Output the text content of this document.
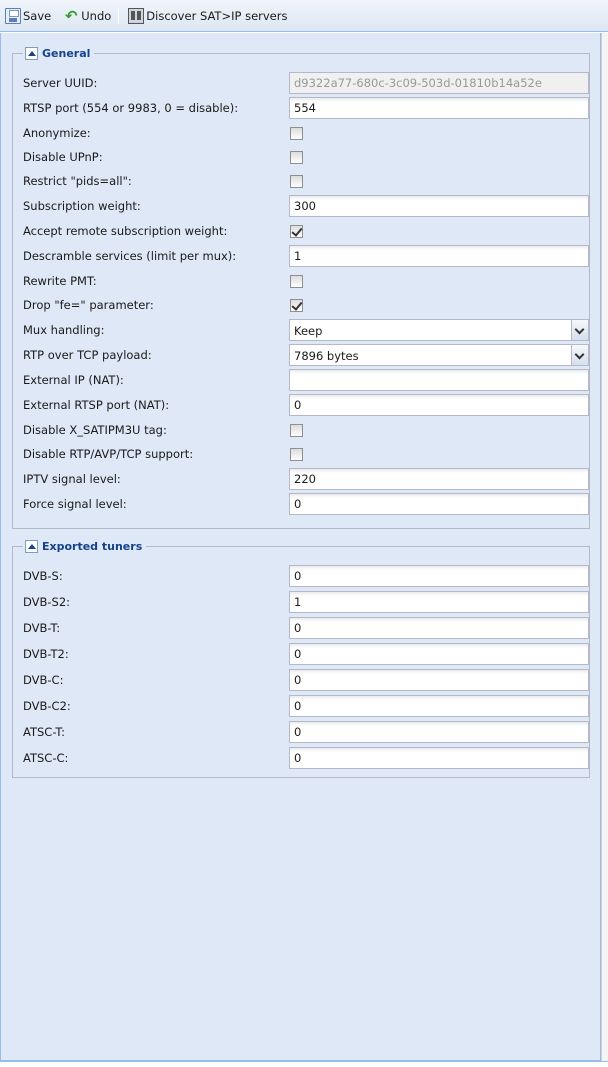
Save ↶ Undo	Discover SAT>IP servers
General
Server UUID:
d9322a77-680c-3c09-503d-01810b14a52e
RTSP port (554 or 9983, 0 = disable):
554
Anonymize:
Disable UPnP:
Restrict "pids=all":
Subscription weight:
300
Accept remote subscription weight:
Descramble services (limit per mux):
1
Rewrite PMT:
Drop "fe=" parameter:
Mux handling:	Keep
RTP over TCP payload:	7896 bytes
External IP (NAT):
External RTSP port (NAT):
0
Disable X_SATIPM3U tag:
Disable RTP/AVP/TCP support:
IPTV signal level:
220
Force signal level:
0
Exported tuners
DVB-S:
0
DVB-S2:
1
DVB-T:
0
DVB-T2:
0
DVB-C:
0
DVB-C2:
0
ATSC-T:
0
ATSC-C:
0
